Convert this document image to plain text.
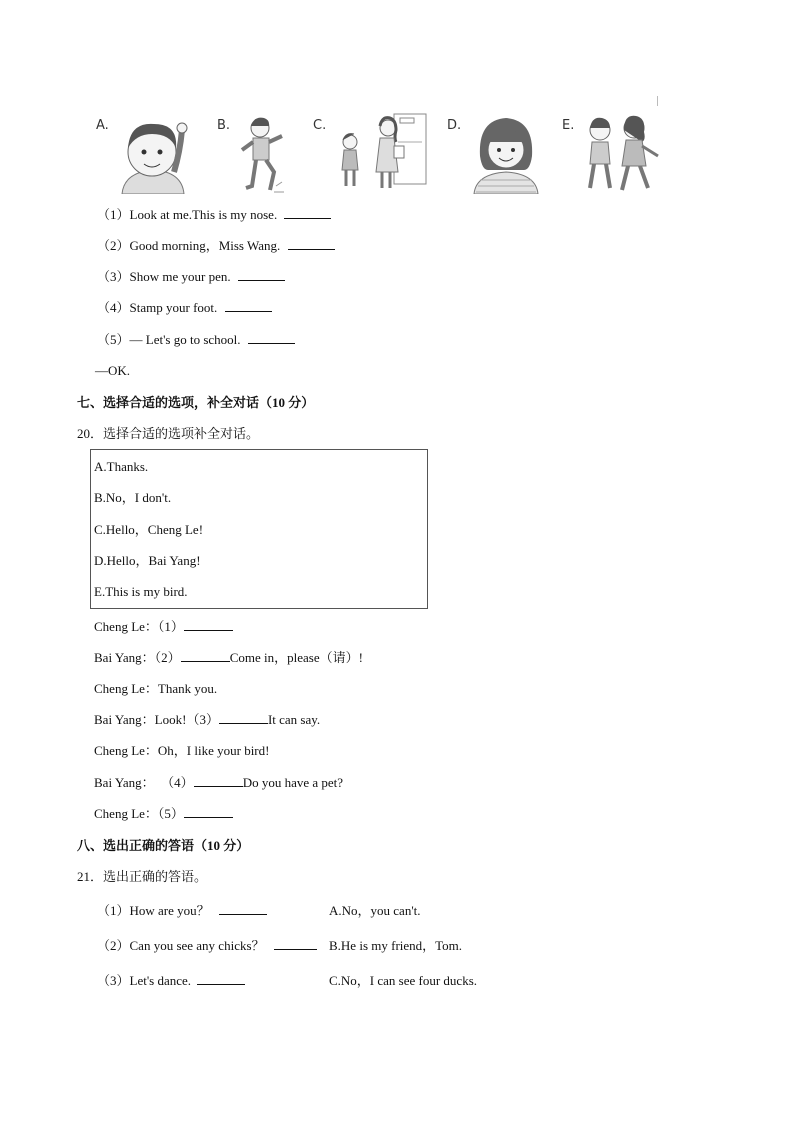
A.	B.	C.	D.	E.
（1）Look at me.This is my nose.
（2）Good morning，Miss Wang.
（3）Show me your pen.
（4）Stamp your foot.
（5）— Let's go to school.
—OK.
七、选择合适的选项，补全对话（10 分）
20．选择合适的选项补全对话。
A.Thanks.
B.No，I don't.
C.Hello，Cheng Le!
D.Hello，Bai Yang!
E.This is my bird.
Cheng Le：（1）
Bai Yang：（2）	Come in，please（请）!
Cheng Le：Thank you.
Bai Yang：Look!（3）	It can say.
Cheng Le：Oh，I like your bird!
Bai Yang：  （4）	Do you have a pet?
Cheng Le：（5）
八、选出正确的答语（10 分）
21．选出正确的答语。
（1）How are you？	A.No，you can't.
（2）Can you see any chicks？	B.He is my friend，Tom.
（3）Let's dance.	C.No，I can see four ducks.
